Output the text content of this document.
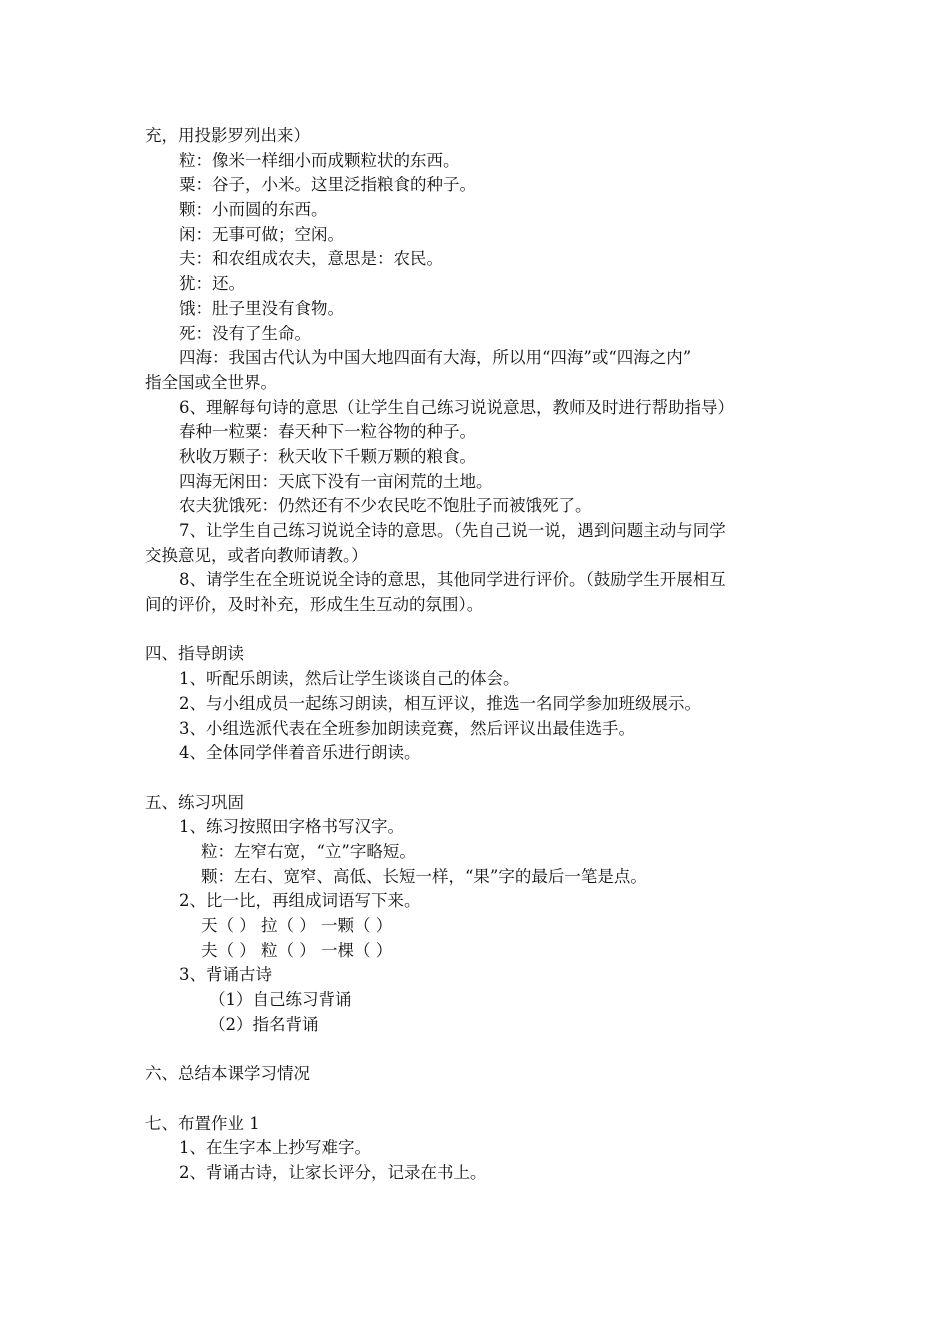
充，用投影罗列出来）
粒：像米一样细小而成颗粒状的东西。
粟：谷子，小米。这里泛指粮食的种子。
颗：小而圆的东西。
闲：无事可做；空闲。
夫：和农组成农夫，意思是：农民。
犹：还。
饿：肚子里没有食物。
死：没有了生命。
四海：我国古代认为中国大地四面有大海，所以用“四海”或“四海之内”
指全国或全世界。
6、理解每句诗的意思（让学生自己练习说说意思，教师及时进行帮助指导）
春种一粒粟：春天种下一粒谷物的种子。
秋收万颗子：秋天收下千颗万颗的粮食。
四海无闲田：天底下没有一亩闲荒的土地。
农夫犹饿死：仍然还有不少农民吃不饱肚子而被饿死了。
7、让学生自己练习说说全诗的意思。（先自己说一说，遇到问题主动与同学
交换意见，或者向教师请教。）
8、请学生在全班说说全诗的意思，其他同学进行评价。（鼓励学生开展相互
间的评价，及时补充，形成生生互动的氛围）。
四、指导朗读
1、听配乐朗读，然后让学生谈谈自己的体会。
2、与小组成员一起练习朗读，相互评议，推选一名同学参加班级展示。
3、小组选派代表在全班参加朗读竞赛，然后评议出最佳选手。
4、全体同学伴着音乐进行朗读。
五、练习巩固
1、练习按照田字格书写汉字。
粒：左窄右宽，“立”字略短。
颗：左右、宽窄、高低、长短一样，“果”字的最后一笔是点。
2、比一比，再组成词语写下来。
天（ ） 拉（ ） 一颗（ ）
夫（ ） 粒（ ） 一棵（ ）
3、背诵古诗
（1）自己练习背诵
（2）指名背诵
六、总结本课学习情况
七、布置作业 1
1、在生字本上抄写难字。
2、背诵古诗，让家长评分，记录在书上。
